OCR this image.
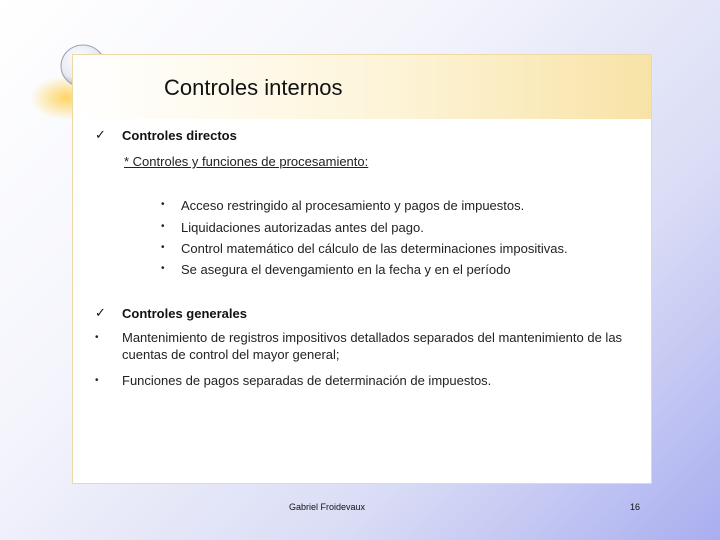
Controles internos
✓ Controles directos
* Controles y funciones de procesamiento:
• Acceso restringido al procesamiento y pagos de impuestos.
• Liquidaciones autorizadas antes del pago.
• Control matemático del cálculo de las determinaciones impositivas.
• Se asegura el devengamiento en la fecha y en el período
✓ Controles generales
• Mantenimiento de registros impositivos detallados separados del mantenimiento de las cuentas de control del mayor general;
• Funciones de pagos separadas de determinación de impuestos.
Gabriel Froidevaux	16
